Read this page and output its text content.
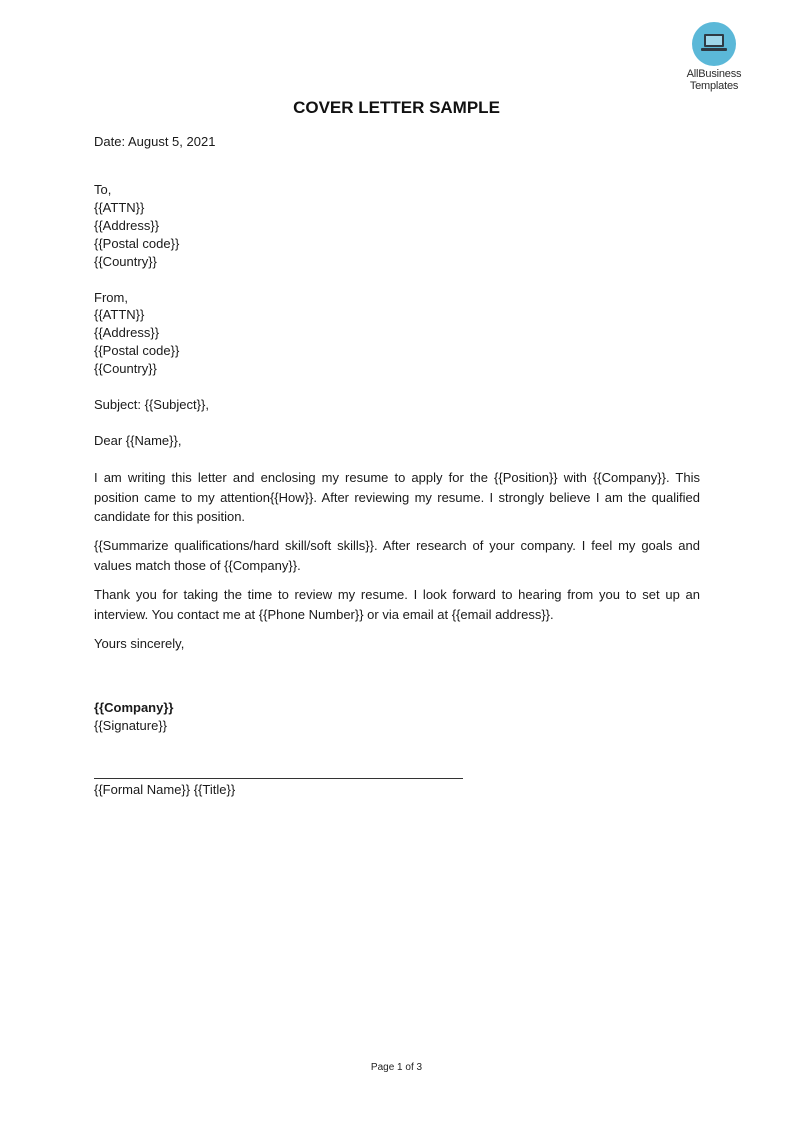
AllBusiness
Templates
COVER LETTER SAMPLE
Date: August 5, 2021
To,
{{ATTN}}
{{Address}}
{{Postal code}}
{{Country}}
From,
{{ATTN}}
{{Address}}
{{Postal code}}
{{Country}}
Subject: {{Subject}},
Dear {{Name}},
I am writing this letter and enclosing my resume to apply for the {{Position}} with {{Company}}. This position came to my attention{{How}}. After reviewing my resume. I strongly believe I am the qualified candidate for this position.
{{Summarize qualifications/hard skill/soft skills}}. After research of your company. I feel my goals and values match those of {{Company}}.
Thank you for taking the time to review my resume. I look forward to hearing from you to set up an interview. You contact me at {{Phone Number}} or via email at {{email address}}.
Yours sincerely,
{{Company}}
{{Signature}}
{{Formal Name}} {{Title}}
Page 1 of 3
